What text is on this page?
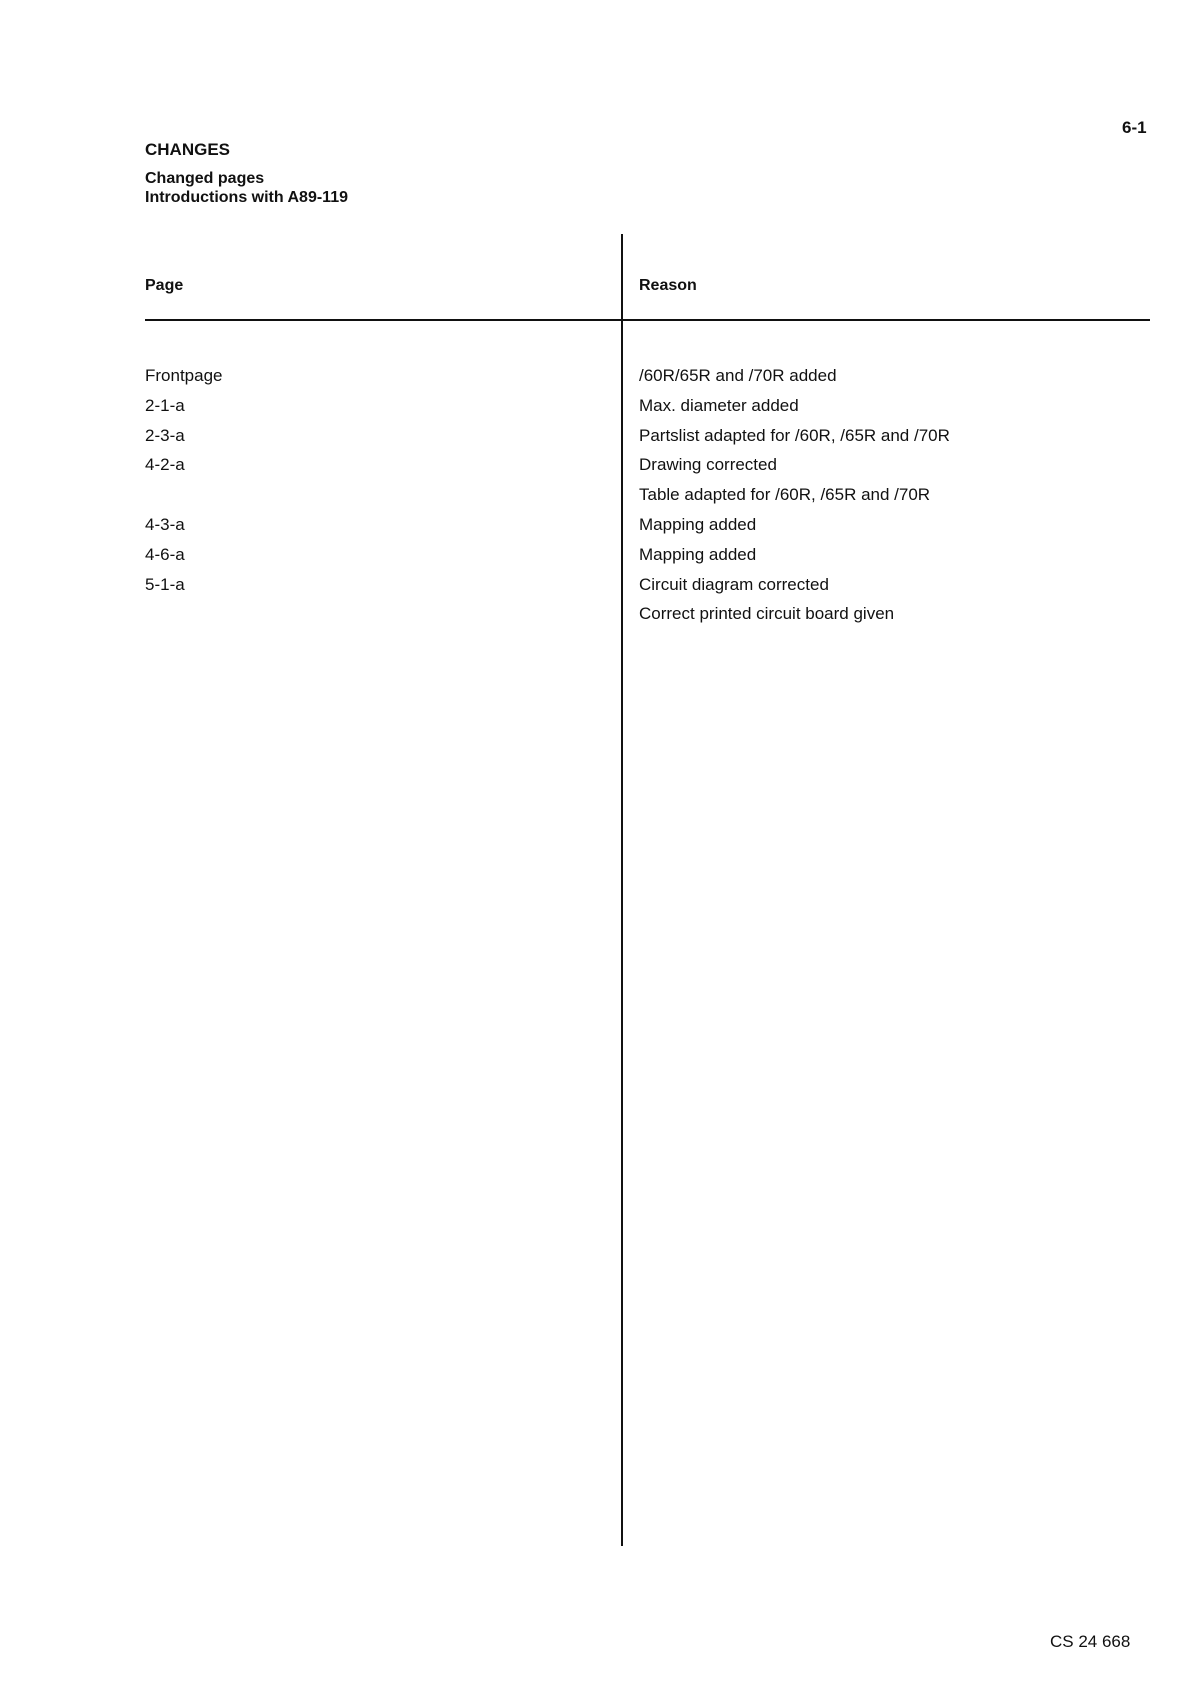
6-1
CHANGES
Changed pages
Introductions with A89-119
Page	Reason
Frontpage	/60R/65R and /70R added
2-1-a	Max. diameter added
2-3-a	Partslist adapted for /60R, /65R and /70R
4-2-a	Drawing corrected
Table adapted for /60R, /65R and /70R
4-3-a	Mapping added
4-6-a	Mapping added
5-1-a	Circuit diagram corrected
Correct printed circuit board given
CS 24 668
